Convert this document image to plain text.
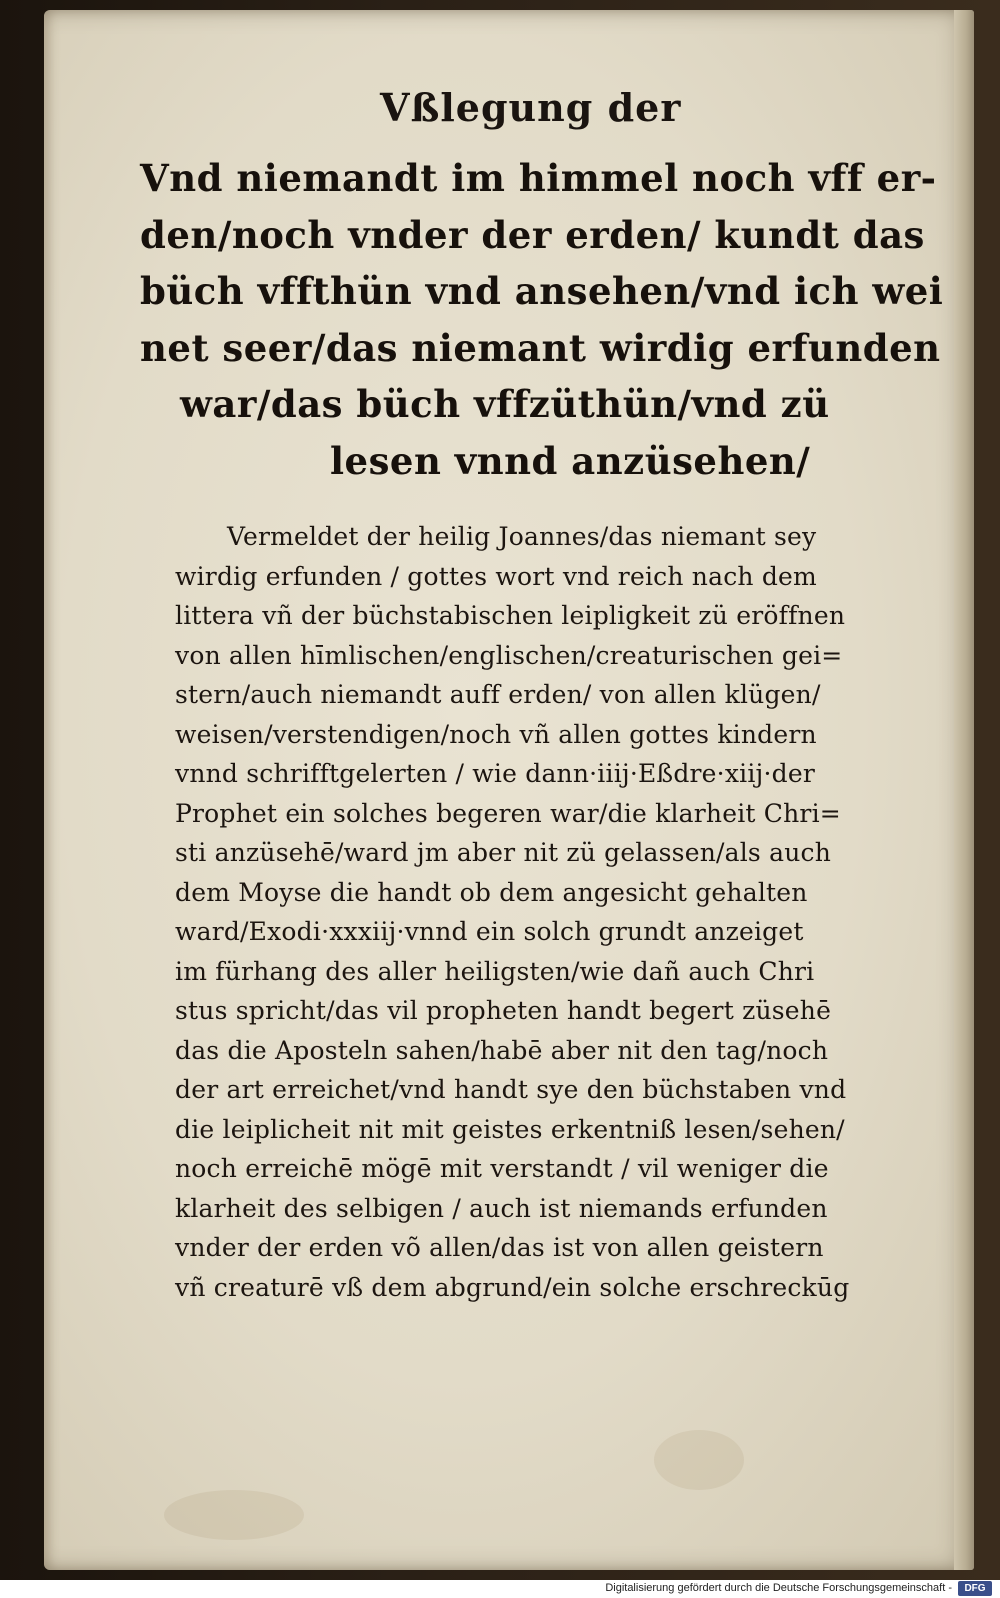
Vßlegung der
Vnd niemandt im himmel noch vff er-
den/noch vnder der erden/ kundt das
büch vffthün vnd ansehen/vnd ich wei
net seer/das niemant wirdig erfunden
war/das büch vffzüthün/vnd zü
lesen vnnd anzüsehen/
Vermeldet der heilig Joannes/das niemant sey
wirdig erfunden / gottes wort vnd reich nach dem
littera vñ der büchstabischen leipligkeit zü eröffnen
von allen hīmlischen/englischen/creaturischen gei=
stern/auch niemandt auff erden/ von allen klügen/
weisen/verstendigen/noch vñ allen gottes kindern
vnnd schrifftgelerten / wie dann·iiij·Eßdre·xiij·der
Prophet ein solches begeren war/die klarheit Chri=
sti anzüsehē/ward jm aber nit zü gelassen/als auch
dem Moyse die handt ob dem angesicht gehalten
ward/Exodi·xxxiij·vnnd ein solch grundt anzeiget
im fürhang des aller heiligsten/wie dañ auch Chri
stus spricht/das vil propheten handt begert züsehē
das die Aposteln sahen/habē aber nit den tag/noch
der art erreichet/vnd handt sye den büchstaben vnd
die leiplicheit nit mit geistes erkentniß lesen/sehen/
noch erreichē mögē mit verstandt / vil weniger die
klarheit des selbigen / auch ist niemands erfunden
vnder der erden võ allen/das ist von allen geistern
vñ creaturē vß dem abgrund/ein solche erschreckūg
Digitalisierung gefördert durch die Deutsche Forschungsgemeinschaft -	DFG
